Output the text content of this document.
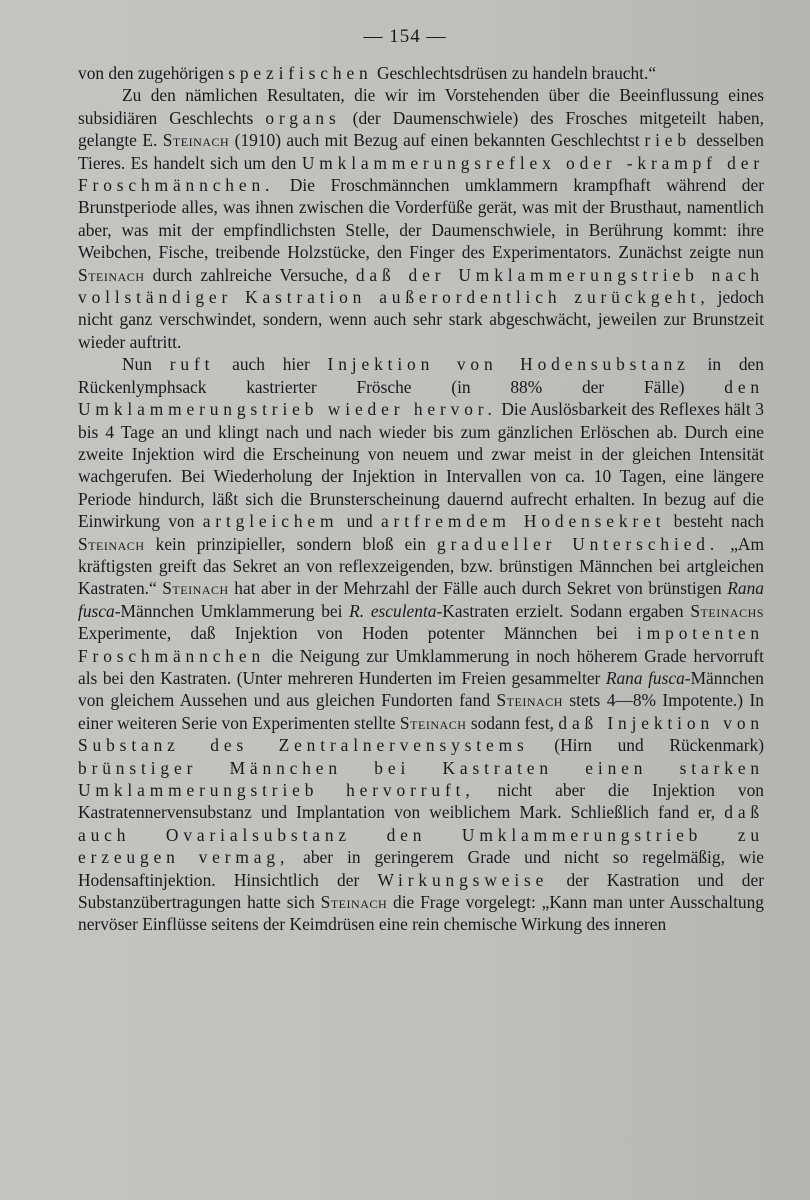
— 154 —

von den zugehörigen spezifischen Geschlechtsdrüsen zu handeln braucht.“

Zu den nämlichen Resultaten, die wir im Vorstehenden über die Beeinflussung eines subsidiären Geschlechts organs (der Daumenschwiele) des Frosches mitgeteilt haben, gelangte E. Steinach (1910) auch mit Bezug auf einen bekannten Geschlechtstrieb desselben Tieres. Es handelt sich um den Umklammerungsreflex oder -krampf der Froschmännchen. Die Froschmännchen umklammern krampfhaft während der Brunstperiode alles, was ihnen zwischen die Vorderfüße gerät, was mit der Brusthaut, namentlich aber, was mit der empfindlichsten Stelle, der Daumenschwiele, in Berührung kommt: ihre Weibchen, Fische, treibende Holzstücke, den Finger des Experimentators. Zunächst zeigte nun Steinach durch zahlreiche Versuche, daß der Umklammerungstrieb nach vollständiger Kastration außerordentlich zurückgeht, jedoch nicht ganz verschwindet, sondern, wenn auch sehr stark abgeschwächt, jeweilen zur Brunstzeit wieder auftritt.

Nun ruft auch hier Injektion von Hodensubstanz in den Rückenlymphsack kastrierter Frösche (in 88% der Fälle) den Umklammerungstrieb wieder hervor. Die Auslösbarkeit des Reflexes hält 3 bis 4 Tage an und klingt nach und nach wieder bis zum gänzlichen Erlöschen ab. Durch eine zweite Injektion wird die Erscheinung von neuem und zwar meist in der gleichen Intensität wachgerufen. Bei Wiederholung der Injektion in Intervallen von ca. 10 Tagen, eine längere Periode hindurch, läßt sich die Brunsterscheinung dauernd aufrecht erhalten. In bezug auf die Einwirkung von artgleichem und artfremdem Hodensekret besteht nach Steinach kein prinzipieller, sondern bloß ein gradueller Unterschied. „Am kräftigsten greift das Sekret an von reflexzeigenden, bzw. brünstigen Männchen bei artgleichen Kastraten.“ Steinach hat aber in der Mehrzahl der Fälle auch durch Sekret von brünstigen Rana fusca-Männchen Umklammerung bei R. esculenta-Kastraten erzielt. Sodann ergaben Steinachs Experimente, daß Injektion von Hoden potenter Männchen bei impotenten Froschmännchen die Neigung zur Umklammerung in noch höherem Grade hervorruft als bei den Kastraten. (Unter mehreren Hunderten im Freien gesammelter Rana fusca-Männchen von gleichem Aussehen und aus gleichen Fundorten fand Steinach stets 4—8% Impotente.) In einer weiteren Serie von Experimenten stellte Steinach sodann fest, daß Injektion von Substanz des Zentralnervensystems (Hirn und Rückenmark) brünstiger Männchen bei Kastraten einen starken Umklammerungstrieb hervorruft, nicht aber die Injektion von Kastratennervensubstanz und Implantation von weiblichem Mark. Schließlich fand er, daß auch Ovarialsubstanz den Umklammerungstrieb zu erzeugen vermag, aber in geringerem Grade und nicht so regelmäßig, wie Hodensaftinjektion. Hinsichtlich der Wirkungsweise der Kastration und der Substanzübertragungen hatte sich Steinach die Frage vorgelegt: „Kann man unter Ausschaltung nervöser Einflüsse seitens der Keimdrüsen eine rein chemische Wirkung des inneren
